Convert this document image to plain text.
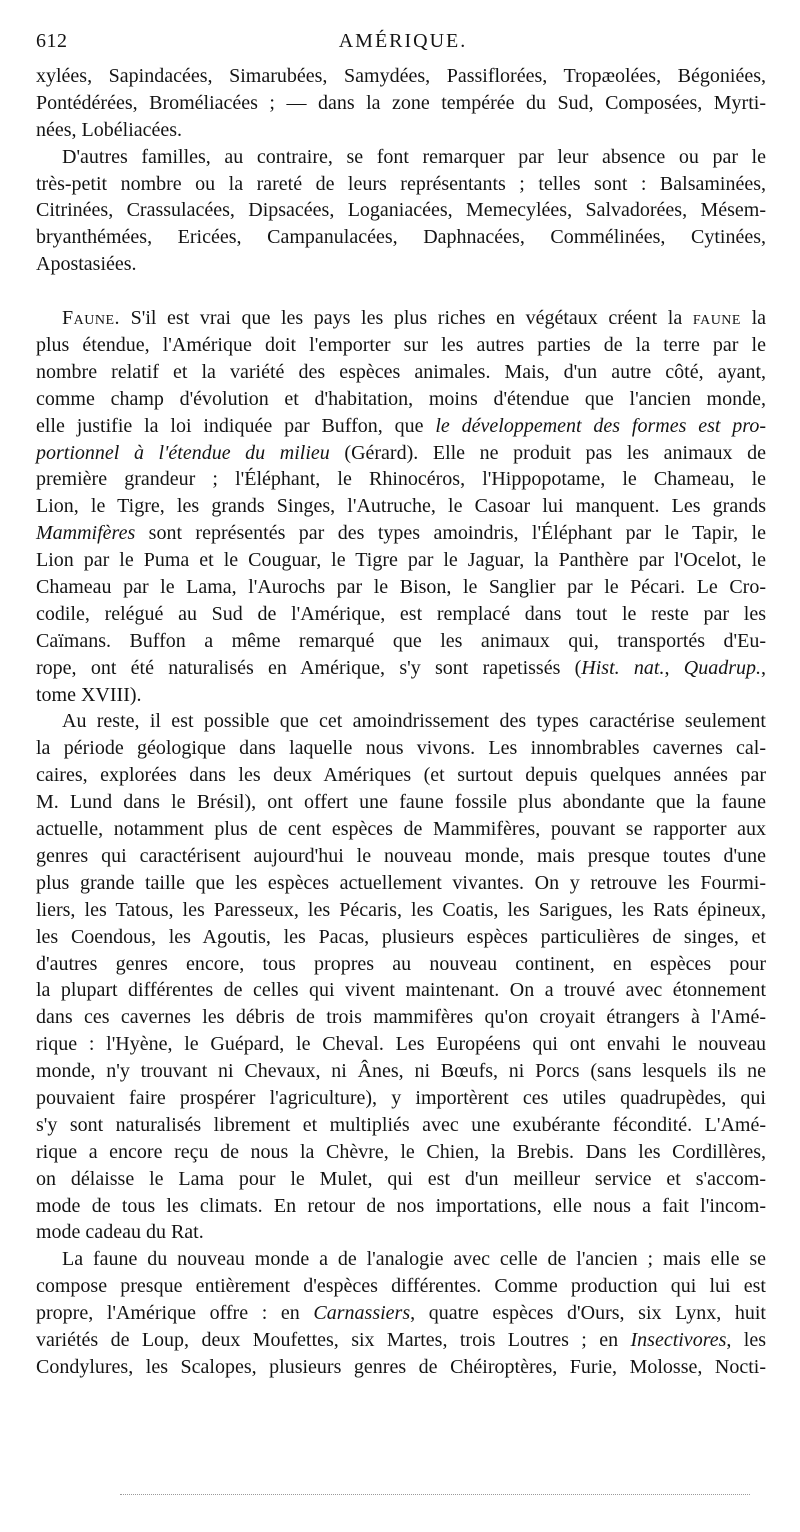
612	AMÉRIQUE.
xylées, Sapindacées, Simarubées, Samydées, Passiflorées, Tropæolées, Bégoniées,
Pontédérées, Broméliacées ; — dans la zone tempérée du Sud, Composées, Myrti-
nées, Lobéliacées.
D'autres familles, au contraire, se font remarquer par leur absence ou par le
très-petit nombre ou la rareté de leurs représentants ; telles sont : Balsaminées,
Citrinées, Crassulacées, Dipsacées, Loganiacées, Memecylées, Salvadorées, Mésem-
bryanthémées, Ericées, Campanulacées, Daphnacées, Commélinées, Cytinées,
Apostasiées.
Faune. S'il est vrai que les pays les plus riches en végétaux créent la faune la
plus étendue, l'Amérique doit l'emporter sur les autres parties de la terre par le
nombre relatif et la variété des espèces animales. Mais, d'un autre côté, ayant,
comme champ d'évolution et d'habitation, moins d'étendue que l'ancien monde,
elle justifie la loi indiquée par Buffon, que le développement des formes est pro-
portionnel à l'étendue du milieu (Gérard). Elle ne produit pas les animaux de
première grandeur ; l'Éléphant, le Rhinocéros, l'Hippopotame, le Chameau, le
Lion, le Tigre, les grands Singes, l'Autruche, le Casoar lui manquent. Les grands
Mammifères sont représentés par des types amoindris, l'Éléphant par le Tapir, le
Lion par le Puma et le Couguar, le Tigre par le Jaguar, la Panthère par l'Ocelot, le
Chameau par le Lama, l'Aurochs par le Bison, le Sanglier par le Pécari. Le Cro-
codile, relégué au Sud de l'Amérique, est remplacé dans tout le reste par les
Caïmans. Buffon a même remarqué que les animaux qui, transportés d'Eu-
rope, ont été naturalisés en Amérique, s'y sont rapetissés (Hist. nat., Quadrup.,
tome XVIII).
Au reste, il est possible que cet amoindrissement des types caractérise seulement
la période géologique dans laquelle nous vivons. Les innombrables cavernes cal-
caires, explorées dans les deux Amériques (et surtout depuis quelques années par
M. Lund dans le Brésil), ont offert une faune fossile plus abondante que la faune
actuelle, notamment plus de cent espèces de Mammifères, pouvant se rapporter aux
genres qui caractérisent aujourd'hui le nouveau monde, mais presque toutes d'une
plus grande taille que les espèces actuellement vivantes. On y retrouve les Fourmi-
liers, les Tatous, les Paresseux, les Pécaris, les Coatis, les Sarigues, les Rats épineux,
les Coendous, les Agoutis, les Pacas, plusieurs espèces particulières de singes, et
d'autres genres encore, tous propres au nouveau continent, en espèces pour
la plupart différentes de celles qui vivent maintenant. On a trouvé avec étonnement
dans ces cavernes les débris de trois mammifères qu'on croyait étrangers à l'Amé-
rique : l'Hyène, le Guépard, le Cheval. Les Européens qui ont envahi le nouveau
monde, n'y trouvant ni Chevaux, ni Ânes, ni Bœufs, ni Porcs (sans lesquels ils ne
pouvaient faire prospérer l'agriculture), y importèrent ces utiles quadrupèdes, qui
s'y sont naturalisés librement et multipliés avec une exubérante fécondité. L'Amé-
rique a encore reçu de nous la Chèvre, le Chien, la Brebis. Dans les Cordillères,
on délaisse le Lama pour le Mulet, qui est d'un meilleur service et s'accom-
mode de tous les climats. En retour de nos importations, elle nous a fait l'incom-
mode cadeau du Rat.
La faune du nouveau monde a de l'analogie avec celle de l'ancien ; mais elle se
compose presque entièrement d'espèces différentes. Comme production qui lui est
propre, l'Amérique offre : en Carnassiers, quatre espèces d'Ours, six Lynx, huit
variétés de Loup, deux Moufettes, six Martes, trois Loutres ; en Insectivores, les
Condylures, les Scalopes, plusieurs genres de Chéiroptères, Furie, Molosse, Nocti-
